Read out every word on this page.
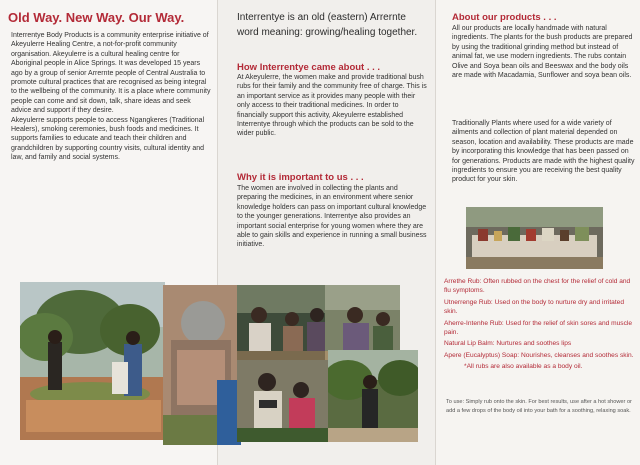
Old Way. New Way. Our Way.

Interrentye Body Products is a community enterprise initiative of Akeyulerre Healing Centre, a not-for-profit community organisation. Akeyulerre is a cultural healing centre for Aboriginal people in Alice Springs. It was developed 15 years ago by a group of senior Arrernte people of Central Australia to promote cultural practices that are recognised as being integral to the wellbeing of the community. It is a place where community people can come and sit down, talk, share ideas and seek advice and support if they desire.

Akeyulerre supports people to access Ngangkeres (Traditional Healers), smoking ceremonies, bush foods and medicines. It supports families to educate and teach their children and grandchildren by supporting country visits, cultural identity and law, and family and social systems.

Interrentye is an old (eastern) Arrernte word meaning: growing/healing together.
How Interrentye came about . . .
At Akeyulerre, the women make and provide traditional bush rubs for their family and the community free of charge. This is an important service as it provides many people with their only access to their traditional medicines. In order to financially support this activity, Akeyulerre established Interrentye through which the products can be sold to the wider public.
Why it is important to us . . .
The women are involved in collecting the plants and preparing the medicines, in an environment where senior knowledge holders can pass on important cultural knowledge to the younger generations. Interrentye also provides an important social enterprise for young women where they are able to gain skills and experience in running a small business initiative.
About our products . . .
All our products are locally handmade with natural ingredients. The plants for the bush products are prepared by using the traditional grinding method but instead of animal fat, we use modern ingredients. The rubs contain Olive and Soya bean oils and Beeswax and the body oils are made with Macadamia, Sunflower and soya bean oils.
Traditionally Plants where used for a wide variety of ailments and collection of plant material depended on season, location and availability. These products are made by incorporating this knowledge that has been passed on for generations. Products are made with the highest quality ingredients to ensure you are receiving the best quality product for your skin.
Arrethe Rub: Often rubbed on the chest for the relief of cold and flu symptoms.
Utnerrenge Rub: Used on the body to nurture dry and irritated skin.
Aherre-Intenhe Rub: Used for the relief of skin sores and muscle pain.
Natural Lip Balm: Nurtures and soothes lips
Apere (Eucalyptus) Soap: Nourishes, cleanses and soothes skin.
*All rubs are also available as a body oil.
To use: Simply rub onto the skin. For best results, use after a hot shower or add a few drops of the body oil into your bath for a soothing, relaxing soak.
